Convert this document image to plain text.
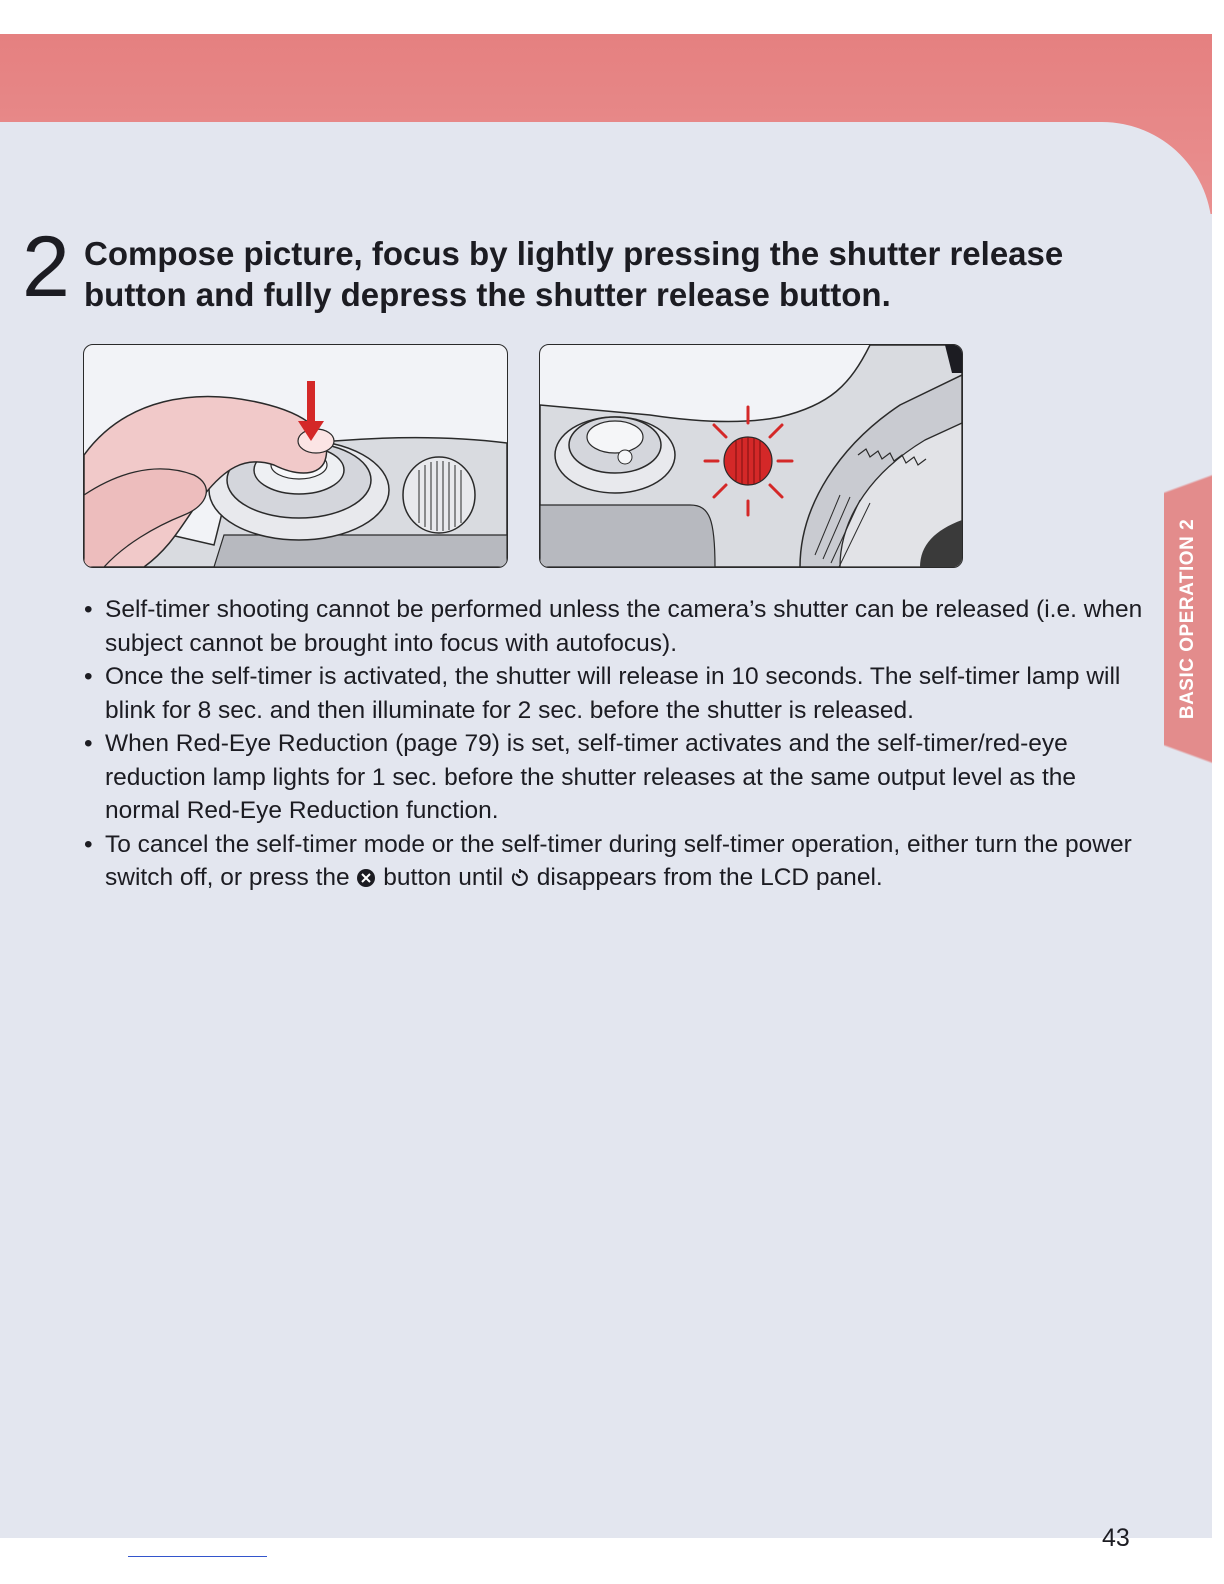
BASIC OPERATION 2
2 Compose picture, focus by lightly pressing the shutter release button and fully depress the shutter release button.
• Self-timer shooting cannot be performed unless the camera’s shutter can be released (i.e. when subject cannot be brought into focus with autofocus).
• Once the self-timer is activated, the shutter will release in 10 seconds. The self-timer lamp will blink for 8 sec. and then illuminate for 2 sec. before the shutter is released.
• When Red-Eye Reduction (page 79) is set, self-timer activates and the self-timer/red-eye reduction lamp lights for 1 sec. before the shutter releases at the same output level as the normal Red-Eye Reduction function.
• To cancel the self-timer mode or the self-timer during self-timer operation, either turn the power switch off, or press the button until disappears from the LCD panel.
43
